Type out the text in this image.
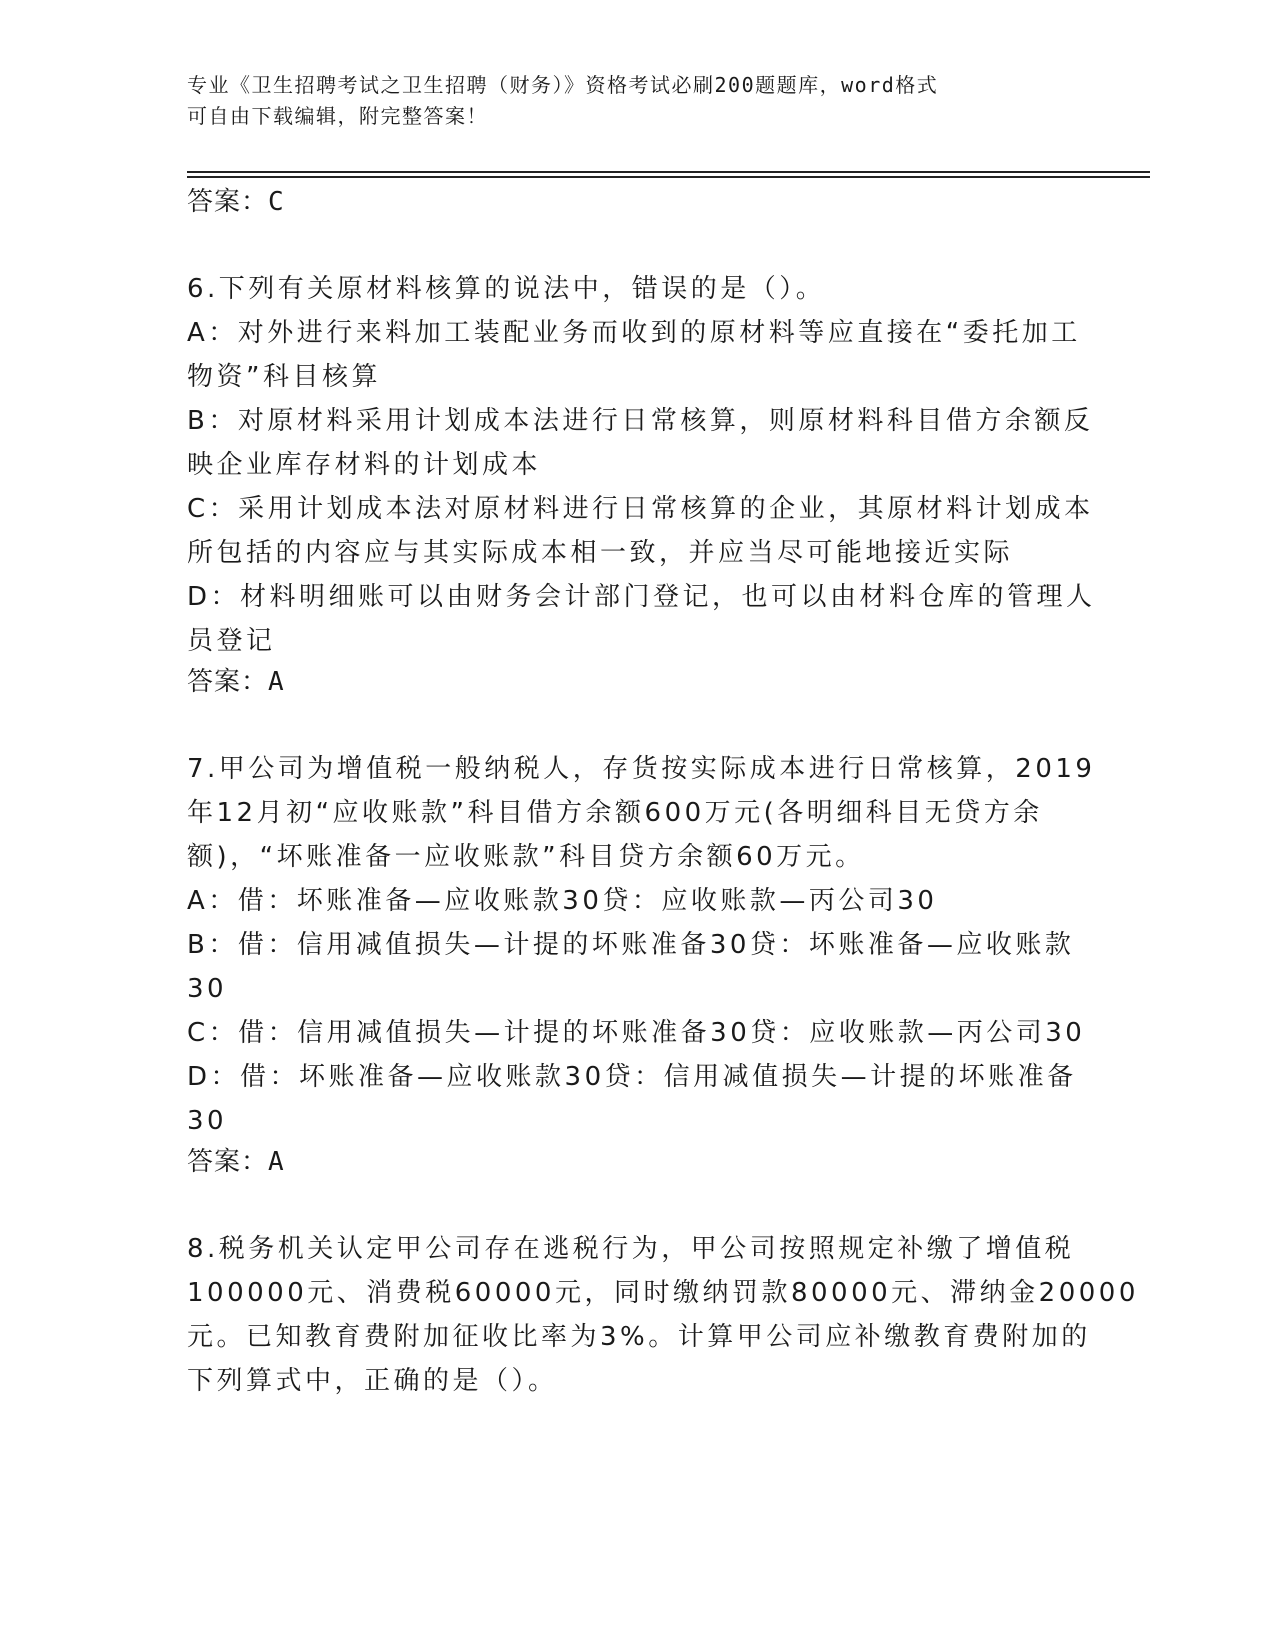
专业《卫生招聘考试之卫生招聘（财务）》资格考试必刷200题题库，word格式
可自由下载编辑，附完整答案！
答案：C
6.下列有关原材料核算的说法中，错误的是（）。
A：对外进行来料加工装配业务而收到的原材料等应直接在“委托加工
物资”科目核算
B：对原材料采用计划成本法进行日常核算，则原材料科目借方余额反
映企业库存材料的计划成本
C：采用计划成本法对原材料进行日常核算的企业，其原材料计划成本
所包括的内容应与其实际成本相一致，并应当尽可能地接近实际
D：材料明细账可以由财务会计部门登记，也可以由材料仓库的管理人
员登记
答案：A
7.甲公司为增值税一般纳税人，存货按实际成本进行日常核算，2019
年12月初“应收账款”科目借方余额600万元(各明细科目无贷方余
额)，“坏账准备一应收账款”科目贷方余额60万元。
A：借：坏账准备—应收账款30贷：应收账款—丙公司30
B：借：信用减值损失—计提的坏账准备30贷：坏账准备—应收账款
30
C：借：信用减值损失—计提的坏账准备30贷：应收账款—丙公司30
D：借：坏账准备—应收账款30贷：信用减值损失—计提的坏账准备
30
答案：A
8.税务机关认定甲公司存在逃税行为，甲公司按照规定补缴了增值税
100000元、消费税60000元，同时缴纳罚款80000元、滞纳金20000
元。已知教育费附加征收比率为3%。计算甲公司应补缴教育费附加的
下列算式中，正确的是（）。
